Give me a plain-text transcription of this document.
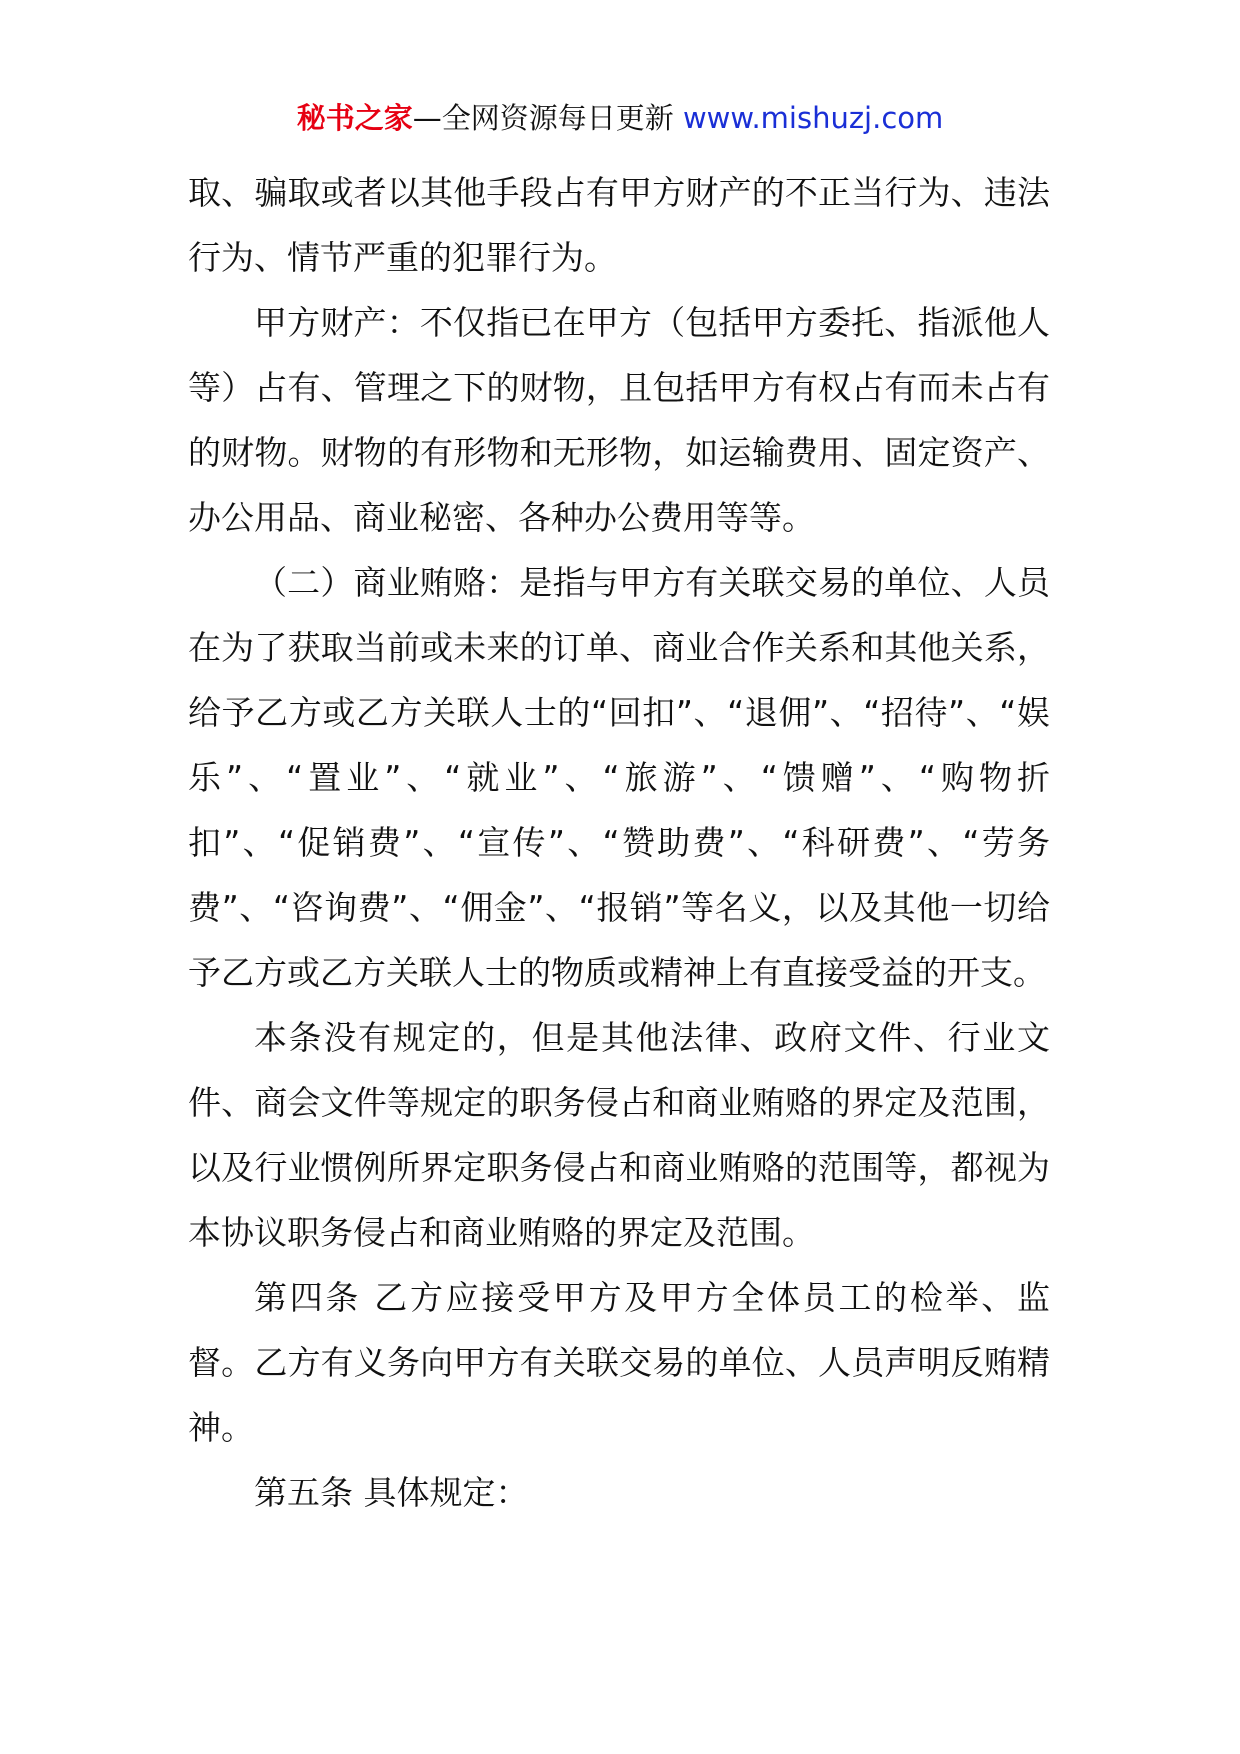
秘书之家—全网资源每日更新 www.mishuzj.com

取、骗取或者以其他手段占有甲方财产的不正当行为、违法行为、情节严重的犯罪行为。

甲方财产：不仅指已在甲方（包括甲方委托、指派他人等）占有、管理之下的财物，且包括甲方有权占有而未占有的财物。财物的有形物和无形物，如运输费用、固定资产、办公用品、商业秘密、各种办公费用等等。

（二）商业贿赂：是指与甲方有关联交易的单位、人员在为了获取当前或未来的订单、商业合作关系和其他关系，给予乙方或乙方关联人士的“回扣”、“退佣”、“招待”、“娱乐”、“置业”、“就业”、“旅游”、“馈赠”、“购物折扣”、“促销费”、“宣传”、“赞助费”、“科研费”、“劳务费”、“咨询费”、“佣金”、“报销”等名义，以及其他一切给予乙方或乙方关联人士的物质或精神上有直接受益的开支。

本条没有规定的，但是其他法律、政府文件、行业文件、商会文件等规定的职务侵占和商业贿赂的界定及范围，以及行业惯例所界定职务侵占和商业贿赂的范围等，都视为本协议职务侵占和商业贿赂的界定及范围。

第四条 乙方应接受甲方及甲方全体员工的检举、监督。乙方有义务向甲方有关联交易的单位、人员声明反贿精神。

第五条 具体规定：
